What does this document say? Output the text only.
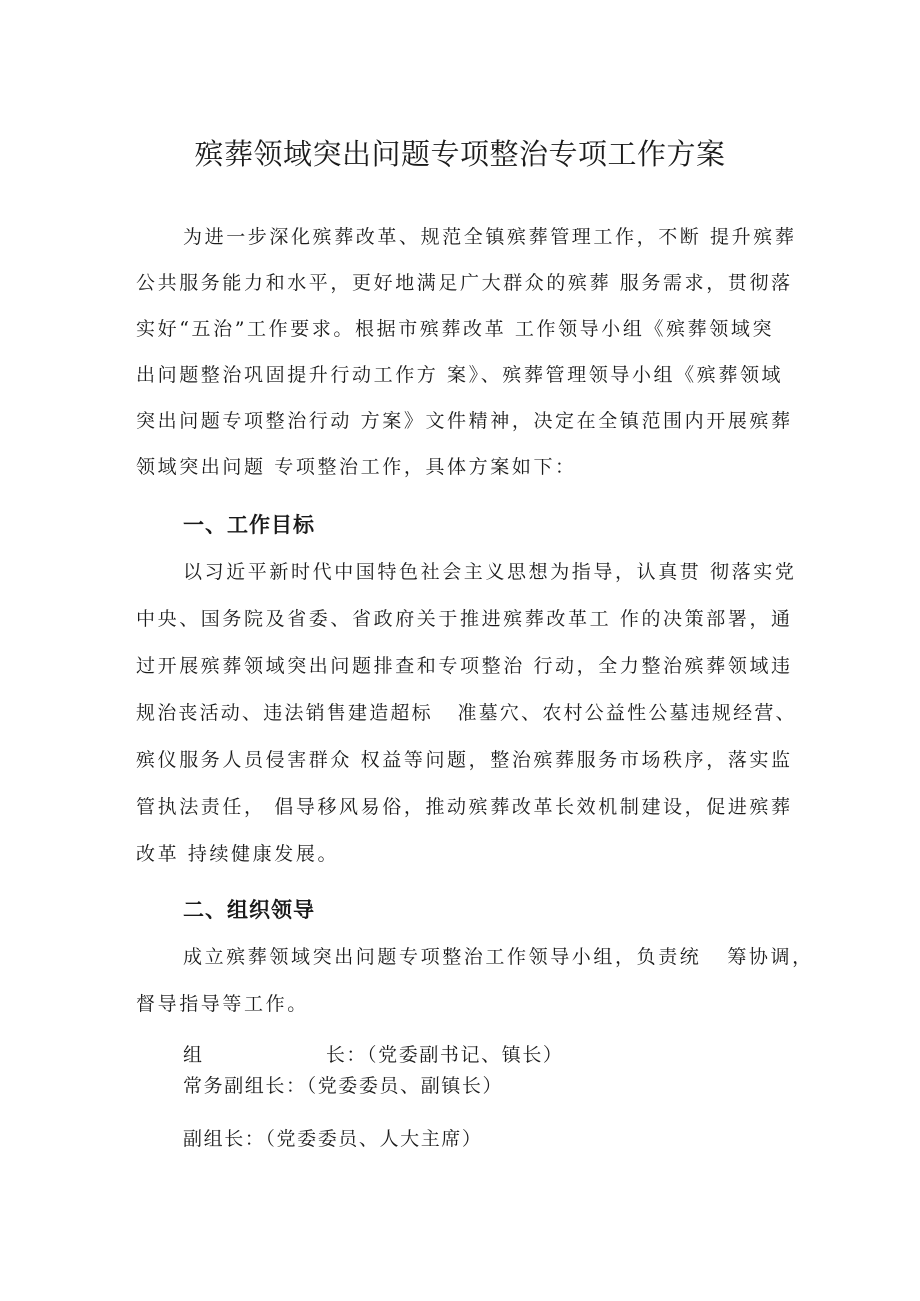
殡葬领域突出问题专项整治专项工作方案

为进一步深化殡葬改革、规范全镇殡葬管理工作，不断 提升殡葬

公共服务能力和水平，更好地满足广大群众的殡葬 服务需求，贯彻落

实好“五治”工作要求。根据市殡葬改革 工作领导小组《殡葬领域突

出问题整治巩固提升行动工作方 案》、殡葬管理领导小组《殡葬领域

突出问题专项整治行动 方案》文件精神，决定在全镇范围内开展殡葬

领域突出问题 专项整治工作，具体方案如下：

一、工作目标

以习近平新时代中国特色社会主义思想为指导，认真贯 彻落实党

中央、国务院及省委、省政府关于推进殡葬改革工 作的决策部署，通

过开展殡葬领域突出问题排查和专项整治 行动，全力整治殡葬领域违

规治丧活动、违法销售建造超标   准墓穴、农村公益性公墓违规经营、

殡仪服务人员侵害群众 权益等问题，整治殡葬服务市场秩序，落实监

管执法责任， 倡导移风易俗，推动殡葬改革长效机制建设，促进殡葬

改革 持续健康发展。

二、组织领导

成立殡葬领域突出问题专项整治工作领导小组，负责统   筹协调，

督导指导等工作。

组                长：（党委副书记、镇长）

常务副组长：（党委委员、副镇长）

副组长：（党委委员、人大主席）
